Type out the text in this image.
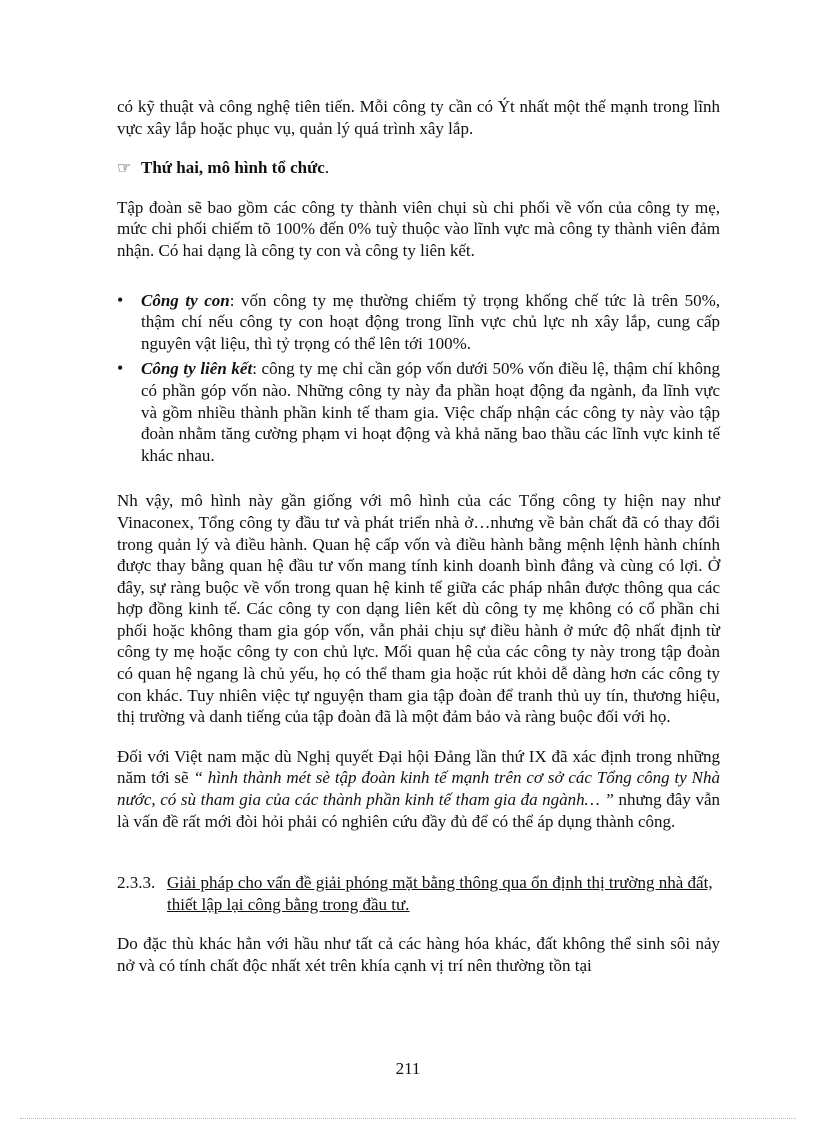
có kỹ thuật và công nghệ tiên tiến. Mỗi công ty cần có Ýt nhất một thế mạnh trong lĩnh vực xây lắp hoặc phục vụ, quản lý quá trình xây lắp.

☞ Thứ hai, mô hình tổ chức .

Tập đoàn sẽ bao gồm các công ty thành viên chụi sù chi phối về vốn của công ty mẹ, mức chi phối chiếm tõ 100% đến 0% tuỳ thuộc vào lĩnh vực mà công ty thành viên đảm nhận. Có hai dạng là công ty con và công ty liên kết.

•	Công ty con: vốn công ty mẹ thường chiếm tỷ trọng khống chế tức là trên 50%, thậm chí nếu công ty con hoạt động trong lĩnh vực chủ lực nh xây lắp, cung cấp nguyên vật liệu, thì tỷ trọng có thể lên tới 100%.

•	Công ty liên kết: công ty mẹ chỉ cần góp vốn dưới 50% vốn điều lệ, thậm chí không có phần góp vốn nào. Những công ty này đa phần hoạt động đa ngành, đa lĩnh vực và gồm nhiều thành phần kinh tế tham gia. Việc chấp nhận các công ty này vào tập đoàn nhằm tăng cường phạm vi hoạt động và khả năng bao thầu các lĩnh vực kinh tế khác nhau.

Nh vậy, mô hình này gần giống với mô hình của các Tổng công ty hiện nay như Vinaconex, Tổng công ty đầu tư và phát triển nhà ở…nhưng về bản chất đã có thay đổi trong quản lý và điều hành. Quan hệ cấp vốn và điều hành bằng mệnh lệnh hành chính được thay bằng quan hệ đầu tư vốn mang tính kinh doanh bình đẳng và cùng có lợi. Ở đây, sự ràng buộc về vốn trong quan hệ kinh tế giữa các pháp nhân được thông qua các hợp đồng kinh tế. Các công ty con dạng liên kết dù công ty mẹ không có cổ phần chi phối hoặc không tham gia góp vốn, vẫn phải chịu sự điều hành ở mức độ nhất định từ công ty mẹ hoặc công ty con chủ lực. Mối quan hệ của các công ty này trong tập đoàn có quan hệ ngang là chủ yếu, họ có thể tham gia hoặc rút khỏi dễ dàng hơn các công ty con khác. Tuy nhiên việc tự nguyện tham gia tập đoàn để tranh thủ uy tín, thương hiệu, thị trường và danh tiếng của tập đoàn đã là một đảm bảo và ràng buộc đối với họ.

Đối với Việt nam mặc dù Nghị quyết Đại hội Đảng lần thứ IX đã xác định trong những năm tới sẽ “ hình thành mét sè tập đoàn kinh tế mạnh trên cơ sở các Tổng công ty Nhà nước, có sù tham gia của các thành phần kinh tế tham gia đa ngành… ” nhưng đây vẫn là vấn đề rất mới đòi hỏi phải có nghiên cứu đầy đủ để có thể áp dụng thành công.

2.3.3. Giải pháp cho vấn đề giải phóng mặt bằng thông qua ổn định thị trường nhà đất, thiết lập lại công bằng trong đầu tư.

Do đặc thù khác hẳn với hầu như tất cả các hàng hóa khác, đất không thể sinh sôi nảy nở và có tính chất độc nhất xét trên khía cạnh vị trí nên thường tồn tại

211
